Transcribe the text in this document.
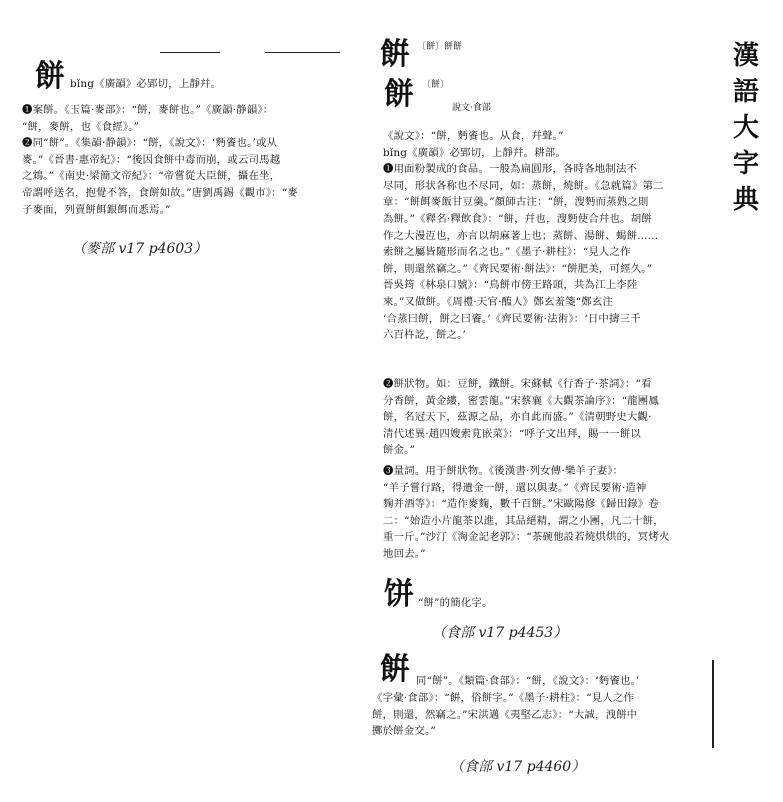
漢
語
大
字
典
餅 bǐng《廣韻》必郢切，上靜幷。
❶案餅。《玉篇·麥部》：“餅，麥餅也。”《廣韻·静韻》：
“餅，麥餅，也《食經》。”
❷同“餅”。《集韻·静韻》：“餅，《說文》：‘麪餈也。’或从
麥。”《晉書·惠帝紀》：“後因食餅中毒而崩，或云司馬越
之鴆。”《南史·梁簡文帝紀》：“帝嘗從大臣餅，攝在坐，
帝謂呼送名，抱覺不答，食餅如故。”唐劉禹錫《觀市》：“麥
子麥面，列賣餅餌銀餌而悉焉。”
（麥部 v17 p4603）
餠 〔餅〕餅餅
餅 〔餅〕
說文·食部
《說文》：“餅，麪餈也。从食，幷聲。”
bǐng《廣韻》必郢切，上靜幷。耕部。
❶用面粉製成的食品。一般為扁圓形，各時各地制法不
尽同，形状各称也不尽同，如：蒸餅，燒餅。《急就篇》第二
章：“餅餌麥飯甘豆羹。”顏師古注：“餅，溲麪而蒸熟之則
為餅。”《釋名·釋飲食》：“餅，幷也，溲麪使合幷也。胡餅
作之大漫沍也，亦言以胡麻著上也；蒸餅、湯餅、蝎餅……
索餅之屬皆隨形而名之也。”《墨子·耕柱》：“見人之作
餅，則還然竊之。”《齊民要術·餅法》：“餅肥美，可經久。”
晉吳筠《林泉口號》：“鳥餅市傍王路頭，共為江上李陸
來。”又做餅。《周禮·天官·醢人》鄭玄羞箋“鄭玄注
‘合蒸曰餅，餅之曰餈。’《齊民要術·法術》：‘日中擣三千
六百杵訖，餅之。’
❷餅狀物。如：豆餅，鐵餅。宋蘇軾《行香子·茶詞》：“看
分香餅，黃金縷，密雲龍。”宋蔡襄《大觀茶論序》：“龍團鳳
餅，名冠天下，茲源之品，亦自此而盛。”《清朝野史大觀·
清代述異·趙四嫂索莧嵌菜》：“呼子文出拜，賜一一餅以
餅金。”
❸量詞。用于餅狀物。《後漢書·列女傳·樂羊子妻》：
“羊子嘗行路，得遺金一餅，還以與妻。”《齊民要術·造神
麴并酒等》：“造作麥麴，數千百餅。”宋歐陽修《歸田錄》卷
二：“始造小片龍茶以進，其品絕精，謂之小團，凡二十餅，
重一斤。”沙汀《淘金記老郭》：“茶碗他設若燒烘烘的，冥烤火
地回去。”
饼 “餅”的簡化字。
（食部 v17 p4453）
餠 同“餅”。《類篇·食部》：“餅，《說文》：‘麪餈也。’
《字彙·食部》：“餠，俗餅字。”《墨子·耕柱》：“見人之作
餅，則還，然竊之。”宋洪邁《夷堅乙志》：“大誠，洩餅中
擲於餅金交。”
（食部 v17 p4460）
